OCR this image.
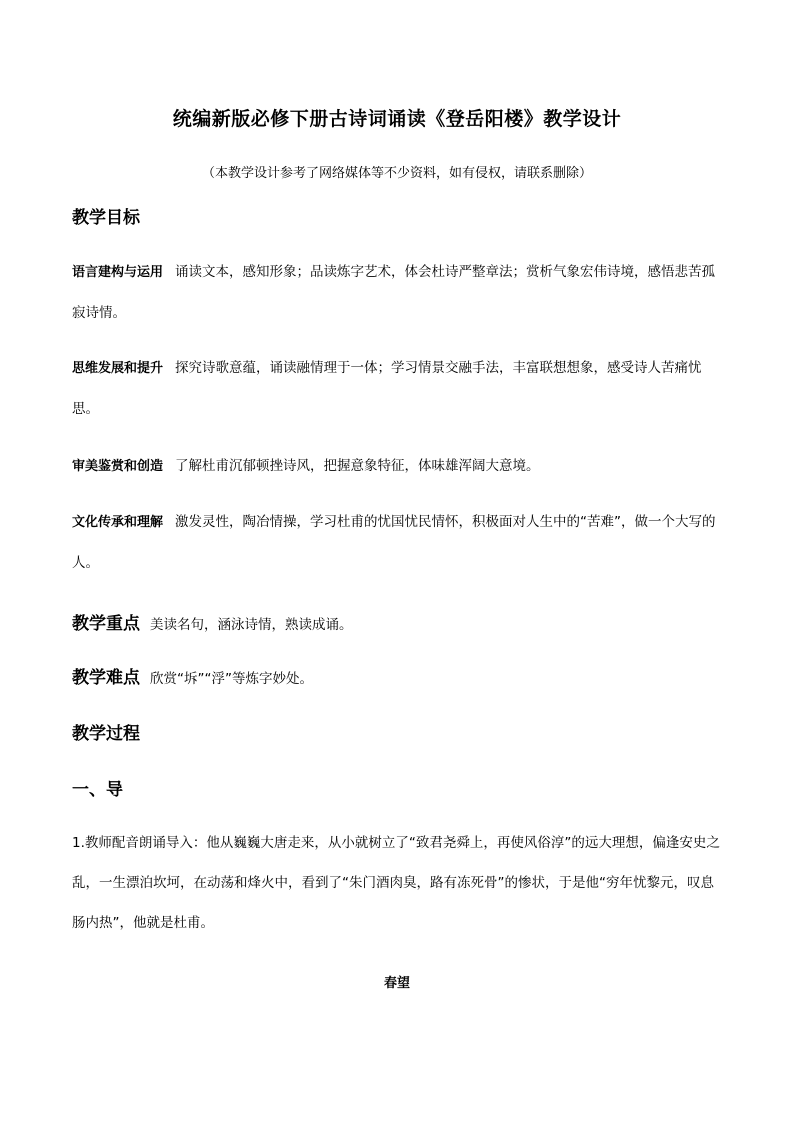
统编新版必修下册古诗词诵读《登岳阳楼》教学设计
（本教学设计参考了网络媒体等不少资料，如有侵权，请联系删除）
教学目标
语言建构与运用 诵读文本，感知形象；品读炼字艺术，体会杜诗严整章法；赏析气象宏伟诗境，感悟悲苦孤寂诗情。
思维发展和提升 探究诗歌意蕴，诵读融情理于一体；学习情景交融手法，丰富联想想象，感受诗人苦痛忧思。
审美鉴赏和创造 了解杜甫沉郁顿挫诗风，把握意象特征，体味雄浑阔大意境。
文化传承和理解 激发灵性，陶冶情操，学习杜甫的忧国忧民情怀，积极面对人生中的“苦难”，做一个大写的人。
教学重点 美读名句，涵泳诗情，熟读成诵。
教学难点 欣赏“坼”“浮”等炼字妙处。
教学过程
一、导
1.教师配音朗诵导入：他从巍巍大唐走来，从小就树立了“致君尧舜上，再使风俗淳”的远大理想，偏逢安史之乱，一生漂泊坎坷，在动荡和烽火中，看到了“朱门酒肉臭，路有冻死骨”的惨状，于是他“穷年忧黎元，叹息肠内热”，他就是杜甫。
春望
